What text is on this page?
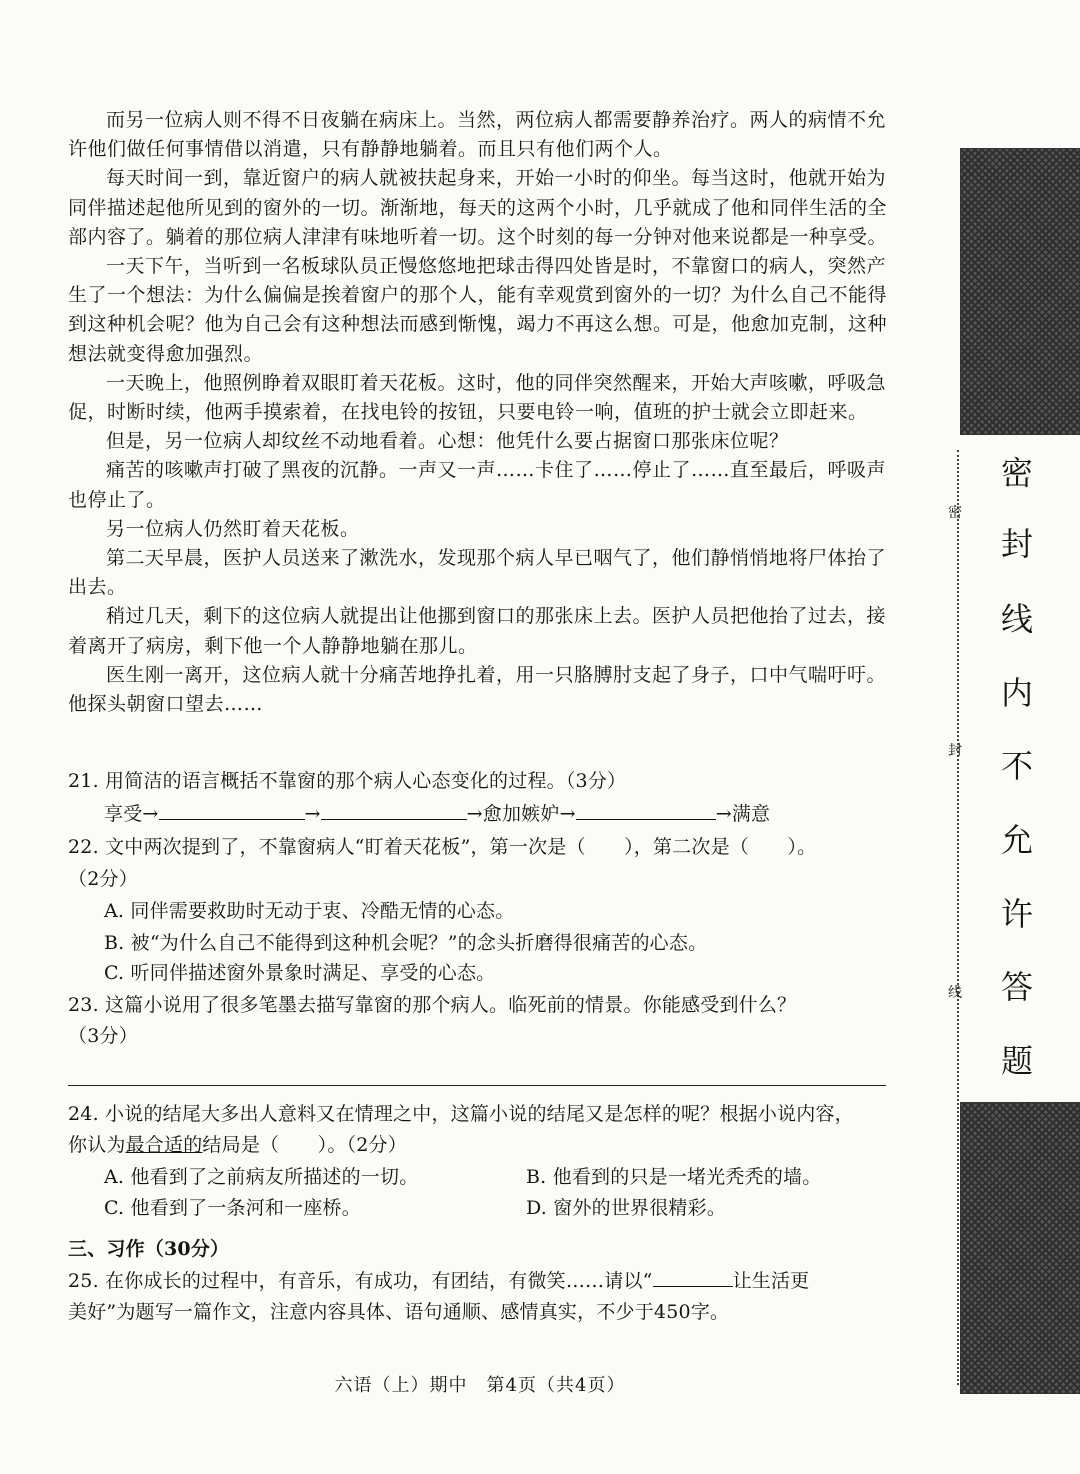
而另一位病人则不得不日夜躺在病床上。当然，两位病人都需要静养治疗。两人的病情不允许他们做任何事情借以消遣，只有静静地躺着。而且只有他们两个人。

每天时间一到，靠近窗户的病人就被扶起身来，开始一小时的仰坐。每当这时，他就开始为同伴描述起他所见到的窗外的一切。渐渐地，每天的这两个小时，几乎就成了他和同伴生活的全部内容了。躺着的那位病人津津有味地听着一切。这个时刻的每一分钟对他来说都是一种享受。

一天下午，当听到一名板球队员正慢悠悠地把球击得四处皆是时，不靠窗口的病人，突然产生了一个想法：为什么偏偏是挨着窗户的那个人，能有幸观赏到窗外的一切？为什么自己不能得到这种机会呢？他为自己会有这种想法而感到惭愧，竭力不再这么想。可是，他愈加克制，这种想法就变得愈加强烈。

一天晚上，他照例睁着双眼盯着天花板。这时，他的同伴突然醒来，开始大声咳嗽，呼吸急促，时断时续，他两手摸索着，在找电铃的按钮，只要电铃一响，值班的护士就会立即赶来。

但是，另一位病人却纹丝不动地看着。心想：他凭什么要占据窗口那张床位呢？

痛苦的咳嗽声打破了黑夜的沉静。一声又一声……卡住了……停止了……直至最后，呼吸声也停止了。

另一位病人仍然盯着天花板。

第二天早晨，医护人员送来了漱洗水，发现那个病人早已咽气了，他们静悄悄地将尸体抬了出去。

稍过几天，剩下的这位病人就提出让他挪到窗口的那张床上去。医护人员把他抬了过去，接着离开了病房，剩下他一个人静静地躺在那儿。

医生刚一离开，这位病人就十分痛苦地挣扎着，用一只胳膊肘支起了身子，口中气喘吁吁。他探头朝窗口望去……

21. 用简洁的语言概括不靠窗的那个病人心态变化的过程。（3分）
享受→	→	→愈加嫉妒→	→满意
22. 文中两次提到了，不靠窗病人“盯着天花板”，第一次是（　　），第二次是（　　）。
（2分）
A. 同伴需要救助时无动于衷、冷酷无情的心态。
B. 被“为什么自己不能得到这种机会呢？”的念头折磨得很痛苦的心态。
C. 听同伴描述窗外景象时满足、享受的心态。
23. 这篇小说用了很多笔墨去描写靠窗的那个病人。临死前的情景。你能感受到什么？
（3分）
24. 小说的结尾大多出人意料又在情理之中，这篇小说的结尾又是怎样的呢？根据小说内容，
你认为最合适的结局是（　　）。（2分）
A. 他看到了之前病友所描述的一切。	B. 他看到的只是一堵光秃秃的墙。
C. 他看到了一条河和一座桥。	D. 窗外的世界很精彩。
三、习作（30分）
25. 在你成长的过程中，有音乐，有成功，有团结，有微笑……请以“	让生活更
美好”为题写一篇作文，注意内容具体、语句通顺、感情真实，不少于450字。
六语（上）期中　第4页（共4页）
密
封
线
密
封
线
内
不
允
许
答
题
